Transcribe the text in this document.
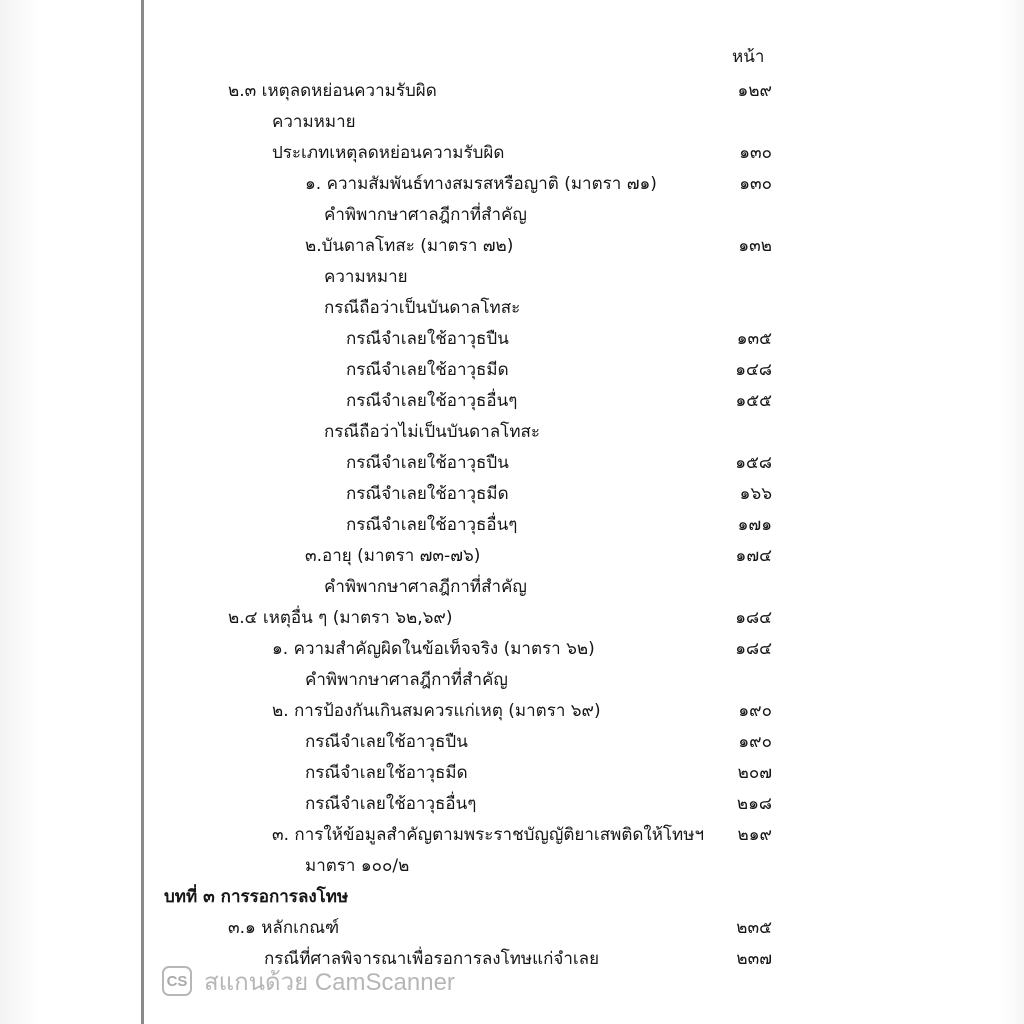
หน้า
๒.๓ เหตุลดหย่อนความรับผิด	๑๒๙
ความหมาย
ประเภทเหตุลดหย่อนความรับผิด	๑๓๐
๑. ความสัมพันธ์ทางสมรสหรือญาติ (มาตรา ๗๑)	๑๓๐
คำพิพากษาศาลฎีกาที่สำคัญ
๒.บันดาลโทสะ (มาตรา ๗๒)	๑๓๒
ความหมาย
กรณีถือว่าเป็นบันดาลโทสะ
กรณีจำเลยใช้อาวุธปืน	๑๓๕
กรณีจำเลยใช้อาวุธมีด	๑๔๘
กรณีจำเลยใช้อาวุธอื่นๆ	๑๕๕
กรณีถือว่าไม่เป็นบันดาลโทสะ
กรณีจำเลยใช้อาวุธปืน	๑๕๘
กรณีจำเลยใช้อาวุธมีด	๑๖๖
กรณีจำเลยใช้อาวุธอื่นๆ	๑๗๑
๓.อายุ (มาตรา ๗๓-๗๖)	๑๗๔
คำพิพากษาศาลฎีกาที่สำคัญ
๒.๔ เหตุอื่น ๆ (มาตรา ๖๒,๖๙)	๑๘๔
๑. ความสำคัญผิดในข้อเท็จจริง (มาตรา ๖๒)	๑๘๔
คำพิพากษาศาลฎีกาที่สำคัญ
๒. การป้องกันเกินสมควรแก่เหตุ (มาตรา ๖๙)	๑๙๐
กรณีจำเลยใช้อาวุธปืน	๑๙๐
กรณีจำเลยใช้อาวุธมีด	๒๐๗
กรณีจำเลยใช้อาวุธอื่นๆ	๒๑๘
๓. การให้ข้อมูลสำคัญตามพระราชบัญญัติยาเสพติดให้โทษฯ	๒๑๙
มาตรา ๑๐๐/๒
บทที่ ๓ การรอการลงโทษ
๓.๑ หลักเกณฑ์	๒๓๕
กรณีที่ศาลพิจารณาเพื่อรอการลงโทษแก่จำเลย	๒๓๗
CS สแกนด้วย CamScanner
